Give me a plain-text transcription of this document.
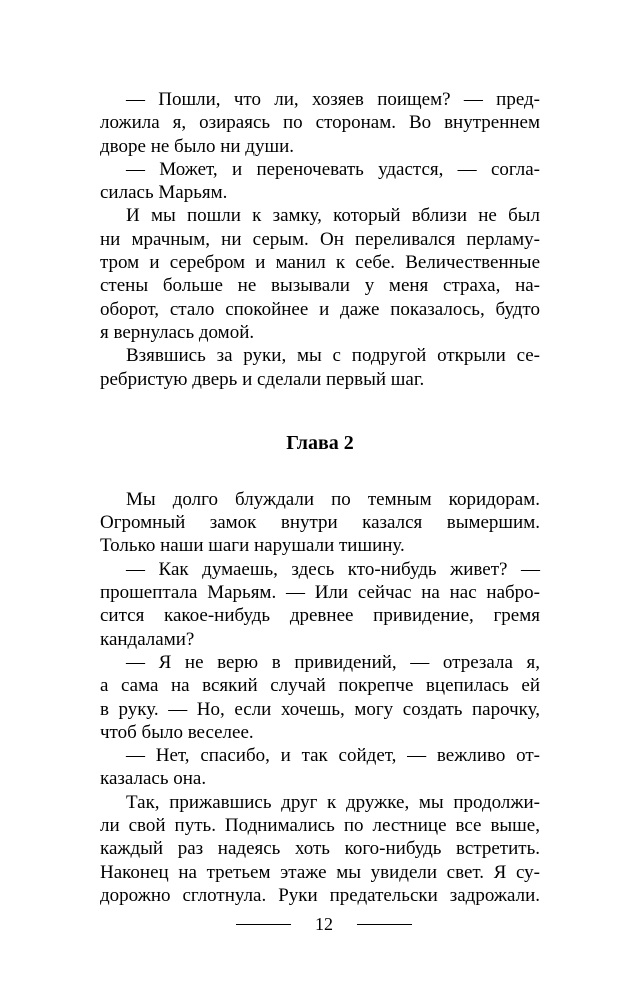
— Пошли, что ли, хозяев поищем? — пред-
ложила я, озираясь по сторонам. Во внутреннем
дворе не было ни души.
— Может, и переночевать удастся, — согла-
силась Марьям.
И мы пошли к замку, который вблизи не был
ни мрачным, ни серым. Он переливался перламу-
тром и серебром и манил к себе. Величественные
стены больше не вызывали у меня страха, на-
оборот, стало спокойнее и даже показалось, будто
я вернулась домой.
Взявшись за руки, мы с подругой открыли се-
ребристую дверь и сделали первый шаг.
Глава 2
Мы долго блуждали по темным коридорам.
Огромный замок внутри казался вымершим.
Только наши шаги нарушали тишину.
— Как думаешь, здесь кто-нибудь живет? —
прошептала Марьям. — Или сейчас на нас набро-
сится какое-нибудь древнее привидение, гремя
кандалами?
— Я не верю в привидений, — отрезала я,
а сама на всякий случай покрепче вцепилась ей
в руку. — Но, если хочешь, могу создать парочку,
чтоб было веселее.
— Нет, спасибо, и так сойдет, — вежливо от-
казалась она.
Так, прижавшись друг к дружке, мы продолжи-
ли свой путь. Поднимались по лестнице все выше,
каждый раз надеясь хоть кого-нибудь встретить.
Наконец на третьем этаже мы увидели свет. Я су-
дорожно сглотнула. Руки предательски задрожали.
12
